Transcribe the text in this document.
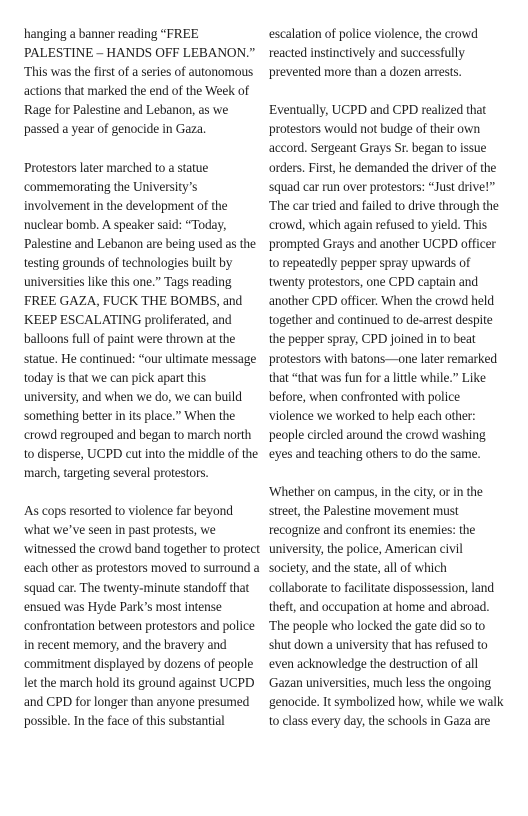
hanging a banner reading “FREE PALESTINE – HANDS OFF LEBANON.” This was the first of a series of autonomous actions that marked the end of the Week of Rage for Palestine and Lebanon, as we passed a year of genocide in Gaza.

Protestors later marched to a statue commemorating the University’s involvement in the development of the nuclear bomb. A speaker said: “Today, Palestine and Lebanon are being used as the testing grounds of technologies built by universities like this one.” Tags reading FREE GAZA, FUCK THE BOMBS, and KEEP ESCALATING proliferated, and balloons full of paint were thrown at the statue. He continued: “our ultimate message today is that we can pick apart this university, and when we do, we can build something better in its place.” When the crowd regrouped and began to march north to disperse, UCPD cut into the middle of the march, targeting several protestors.

As cops resorted to violence far beyond what we’ve seen in past protests, we witnessed the crowd band together to protect each other as protestors moved to surround a squad car. The twenty-minute standoff that ensued was Hyde Park’s most intense confrontation between protestors and police in recent memory, and the bravery and commitment displayed by dozens of people let the march hold its ground against UCPD and CPD for longer than anyone presumed possible. In the face of this substantial

escalation of police violence, the crowd reacted instinctively and successfully prevented more than a dozen arrests.

Eventually, UCPD and CPD realized that protestors would not budge of their own accord. Sergeant Grays Sr. began to issue orders. First, he demanded the driver of the squad car run over protestors: “Just drive!” The car tried and failed to drive through the crowd, which again refused to yield. This prompted Grays and another UCPD officer to repeatedly pepper spray upwards of twenty protestors, one CPD captain and another CPD officer. When the crowd held together and continued to de-arrest despite the pepper spray, CPD joined in to beat protestors with batons—one later remarked that “that was fun for a little while.” Like before, when confronted with police violence we worked to help each other: people circled around the crowd washing eyes and teaching others to do the same.

Whether on campus, in the city, or in the street, the Palestine movement must recognize and confront its enemies: the university, the police, American civil society, and the state, all of which collaborate to facilitate dispossession, land theft, and occupation at home and abroad. The people who locked the gate did so to shut down a university that has refused to even acknowledge the destruction of all Gazan universities, much less the ongoing genocide. It symbolized how, while we walk to class every day, the schools in Gaza are
